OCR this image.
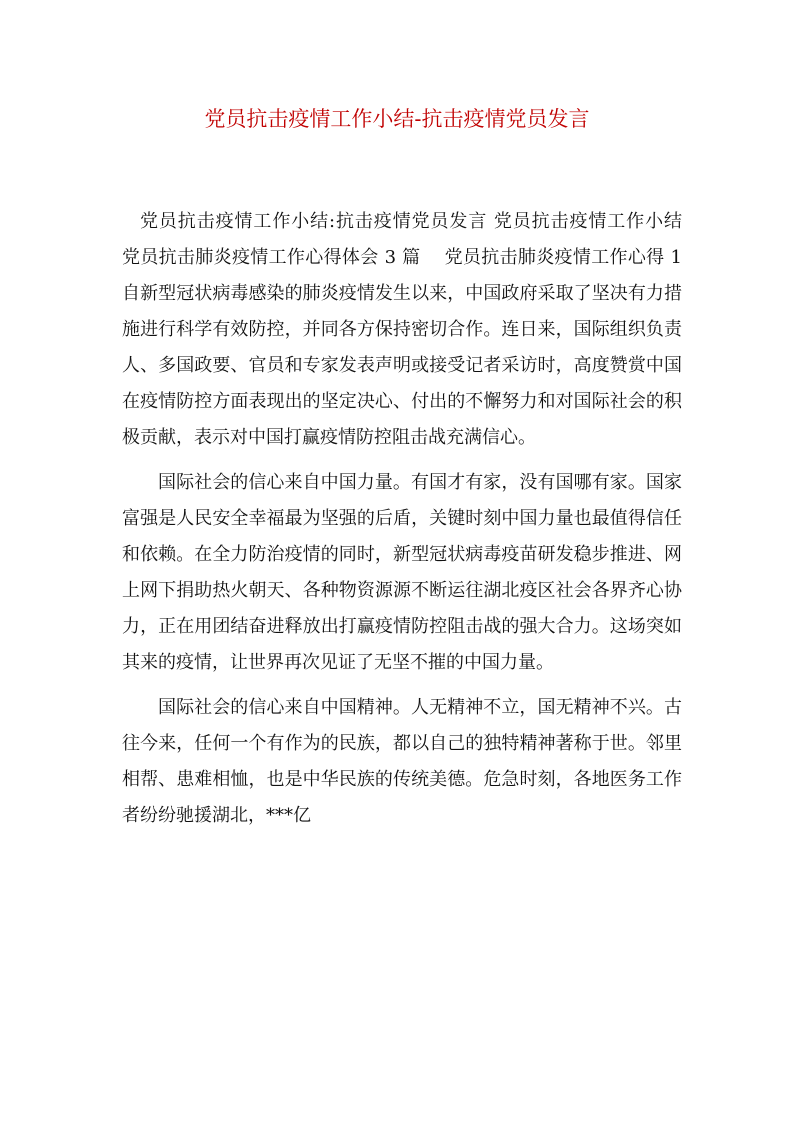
党员抗击疫情工作小结-抗击疫情党员发言

党员抗击疫情工作小结:抗击疫情党员发言 党员抗击疫情工作小结    党员抗击肺炎疫情工作心得体会 3 篇    党员抗击肺炎疫情工作心得 1    自新型冠状病毒感染的肺炎疫情发生以来，中国政府采取了坚决有力措施进行科学有效防控，并同各方保持密切合作。连日来，国际组织负责人、多国政要、官员和专家发表声明或接受记者采访时，高度赞赏中国在疫情防控方面表现出的坚定决心、付出的不懈努力和对国际社会的积极贡献，表示对中国打赢疫情防控阻击战充满信心。

国际社会的信心来自中国力量。有国才有家，没有国哪有家。国家富强是人民安全幸福最为坚强的后盾，关键时刻中国力量也最值得信任和依赖。在全力防治疫情的同时，新型冠状病毒疫苗研发稳步推进、网上网下捐助热火朝天、各种物资源源不断运往湖北疫区社会各界齐心协力，正在用团结奋进释放出打赢疫情防控阻击战的强大合力。这场突如其来的疫情，让世界再次见证了无坚不摧的中国力量。

国际社会的信心来自中国精神。人无精神不立，国无精神不兴。古往今来，任何一个有作为的民族，都以自己的独特精神著称于世。邻里相帮、患难相恤，也是中华民族的传统美德。危急时刻，各地医务工作者纷纷驰援湖北，***亿
